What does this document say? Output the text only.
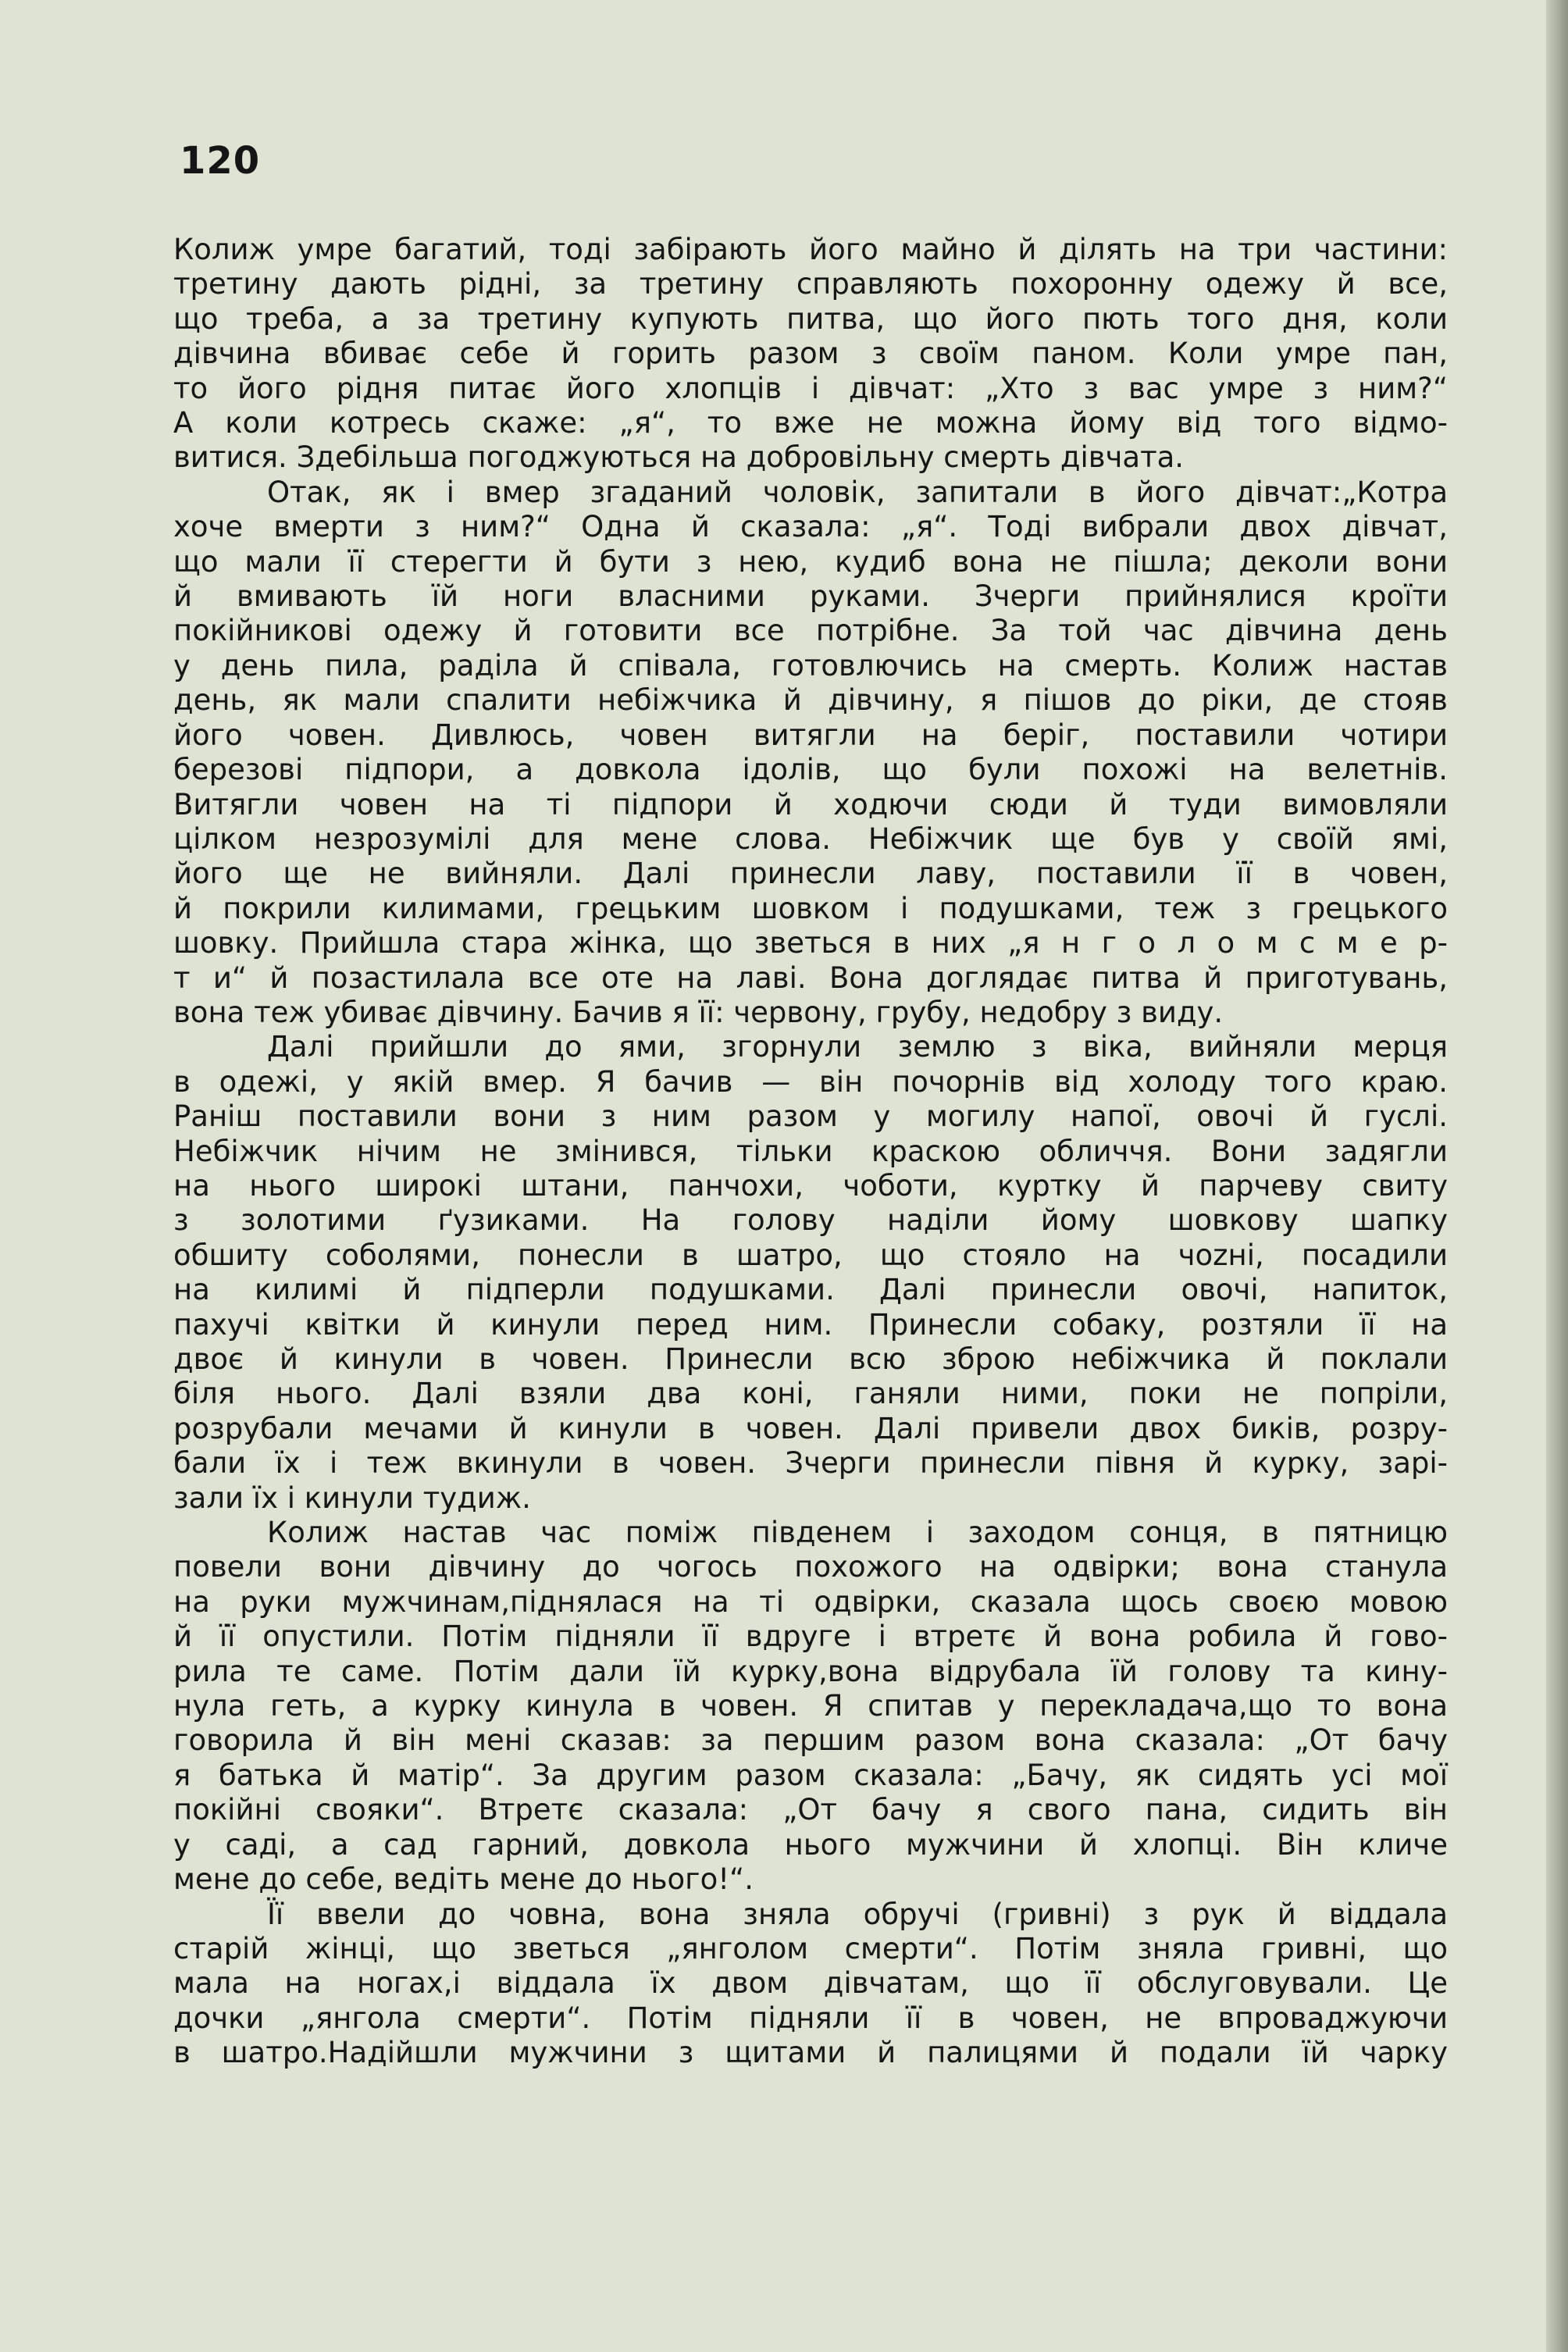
120
Колиж умре багатий, тоді забірають його майно й ділять на три частини:
третину дають рідні, за третину справляють похоронну одежу й все,
що треба, а за третину купують питва, що його пють того дня, коли
дівчина вбиває себе й горить разом з своїм паном. Коли умре пан,
то його рідня питає його хлопців і дівчат: „Хто з вас умре з ним?“
А коли котресь скаже: „я“, то вже не можна йому від того відмо-
витися. Здебільша погоджуються на добровільну смерть дівчата.
Отак, як і вмер згаданий чоловік, запитали в його дівчат:„Котра
хоче вмерти з ним?“ Одна й сказала: „я“. Тоді вибрали двох дівчат,
що мали її стерегти й бути з нею, кудиб вона не пішла; деколи вони
й вмивають їй ноги власними руками. Зчерги прийнялися кроїти
покійникові одежу й готовити все потрібне. За той час дівчина день
у день пила, раділа й співала, готовлючись на смерть. Колиж настав
день, як мали спалити небіжчика й дівчину, я пішов до ріки, де стояв
його човен. Дивлюсь, човен витягли на беріг, поставили чотири
березові підпори, а довкола ідолів, що були похожі на велетнів.
Витягли човен на ті підпори й ходючи сюди й туди вимовляли
цілком незрозумілі для мене слова. Небіжчик ще був у своїй ямі,
його ще не вийняли. Далі принесли лаву, поставили її в човен,
й покрили килимами, грецьким шовком і подушками, теж з грецького
шовку. Прийшла стара жінка, що зветься в них „я н г о л о м с м е р-
т и“ й позастилала все оте на лаві. Вона доглядає питва й приготувань,
вона теж убиває дівчину. Бачив я її: червону, грубу, недобру з виду.
Далі прийшли до ями, згорнули землю з віка, вийняли мерця
в одежі, у якій вмер. Я бачив — він почорнів від холоду того краю.
Раніш поставили вони з ним разом у могилу напої, овочі й гуслі.
Небіжчик нічим не змінився, тільки краскою обличчя. Вони задягли
на нього широкі штани, панчохи, чоботи, куртку й парчеву свиту
з золотими ґузиками. На голову наділи йому шовкову шапку
обшиту соболями, понесли в шатро, що стояло на чоzні, посадили
на килимі й підперли подушками. Далі принесли овочі, напиток,
пахучі квітки й кинули перед ним. Принесли собаку, розтяли її на
двоє й кинули в човен. Принесли всю зброю небіжчика й поклали
біля нього. Далі взяли два коні, ганяли ними, поки не попріли,
розрубали мечами й кинули в човен. Далі привели двох биків, розру-
бали їх і теж вкинули в човен. Зчерги принесли півня й курку, зарі-
зали їх і кинули тудиж.
Колиж настав час поміж південем і заходом сонця, в пятницю
повели вони дівчину до чогось похожого на одвірки; вона станула
на руки мужчинам,піднялася на ті одвірки, сказала щось своєю мовою
й її опустили. Потім підняли її вдруге і втретє й вона робила й гово-
рила те саме. Потім дали їй курку,вона відрубала їй голову та кину-
нула геть, а курку кинула в човен. Я спитав у перекладача,що то вона
говорила й він мені сказав: за першим разом вона сказала: „От бачу
я батька й матір“. За другим разом сказала: „Бачу, як сидять усі мої
покійні свояки“. Втретє сказала: „От бачу я свого пана, сидить він
у саді, а сад гарний, довкола нього мужчини й хлопці. Він кличе
мене до себе, ведіть мене до нього!“.
Її ввели до човна, вона зняла обручі (гривні) з рук й віддала
старій жінці, що зветься „янголом смерти“. Потім зняла гривні, що
мала на ногах,і віддала їх двом дівчатам, що її обслуговували. Це
дочки „янгола смерти“. Потім підняли її в човен, не впроваджуючи
в шатро.Надійшли мужчини з щитами й палицями й подали їй чарку
